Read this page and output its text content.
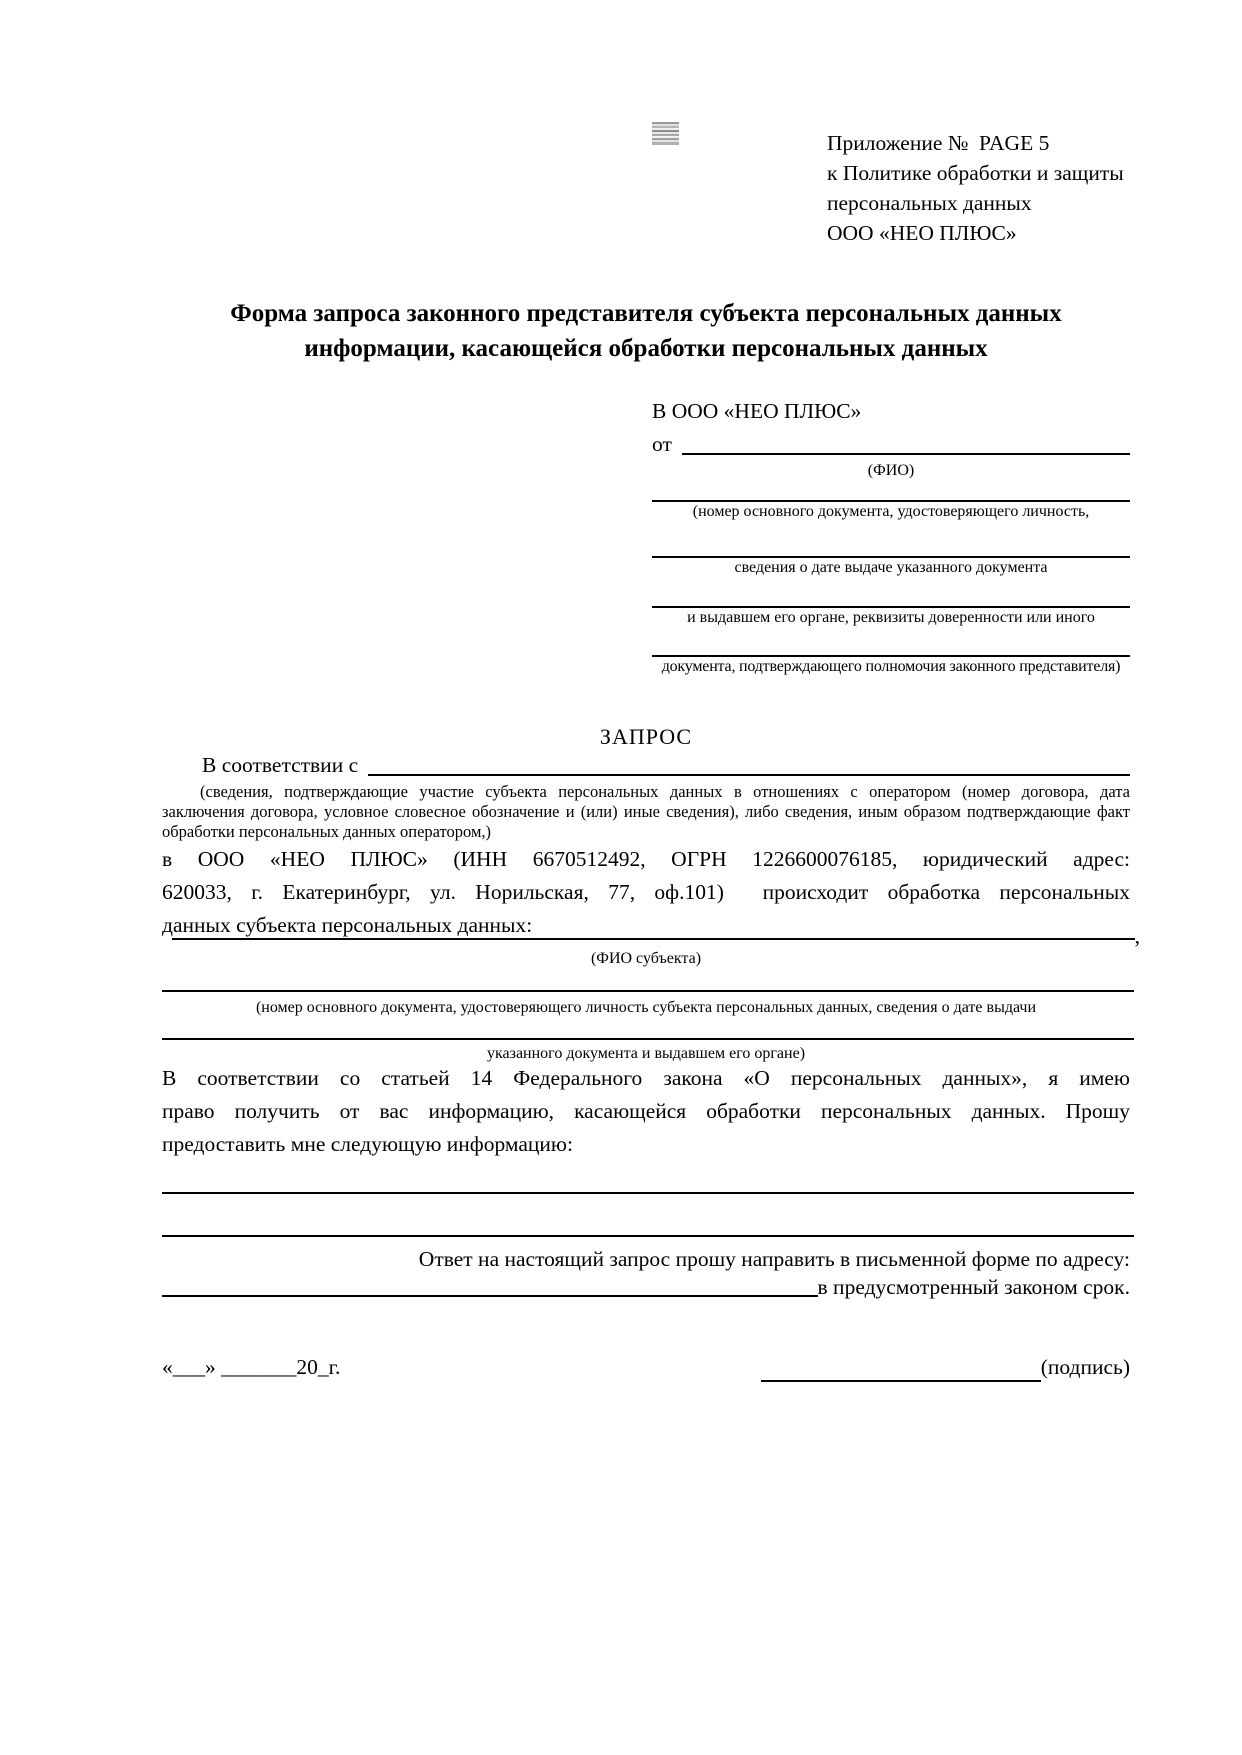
Приложение №  PAGE 5
к Политике обработки и защиты
персональных данных
ООО «НЕО ПЛЮС»
Форма запроса законного представителя субъекта персональных данных
информации, касающейся обработки персональных данных
В ООО «НЕО ПЛЮС»
от
(ФИО)
(номер основного документа, удостоверяющего личность,
сведения о дате выдаче указанного документа
и выдавшем его органе, реквизиты доверенности или иного
документа, подтверждающего полномочия законного представителя)
ЗАПРОС
В соответствии с
(сведения, подтверждающие участие субъекта персональных данных в отношениях с оператором (номер договора, дата
заключения договора, условное словесное обозначение и (или) иные сведения), либо сведения, иным образом подтверждающие факт
обработки персональных данных оператором,)
в ООО «НЕО ПЛЮС» (ИНН 6670512492, ОГРН 1226600076185, юридический адрес:
620033, г. Екатеринбург, ул. Норильская, 77, оф.101)  происходит обработка персональных
данных субъекта персональных данных:	,
(ФИО субъекта)
(номер основного документа, удостоверяющего личность субъекта персональных данных, сведения о дате выдачи
указанного документа и выдавшем его органе)
В соответствии со статьей 14 Федерального закона «О персональных данных», я имею
право получить от вас информацию, касающейся обработки персональных данных. Прошу
предоставить мне следующую информацию:
Ответ на настоящий запрос прошу направить в письменной форме по адресу:
в предусмотренный законом срок.
«___» _______20_г.	(подпись)
